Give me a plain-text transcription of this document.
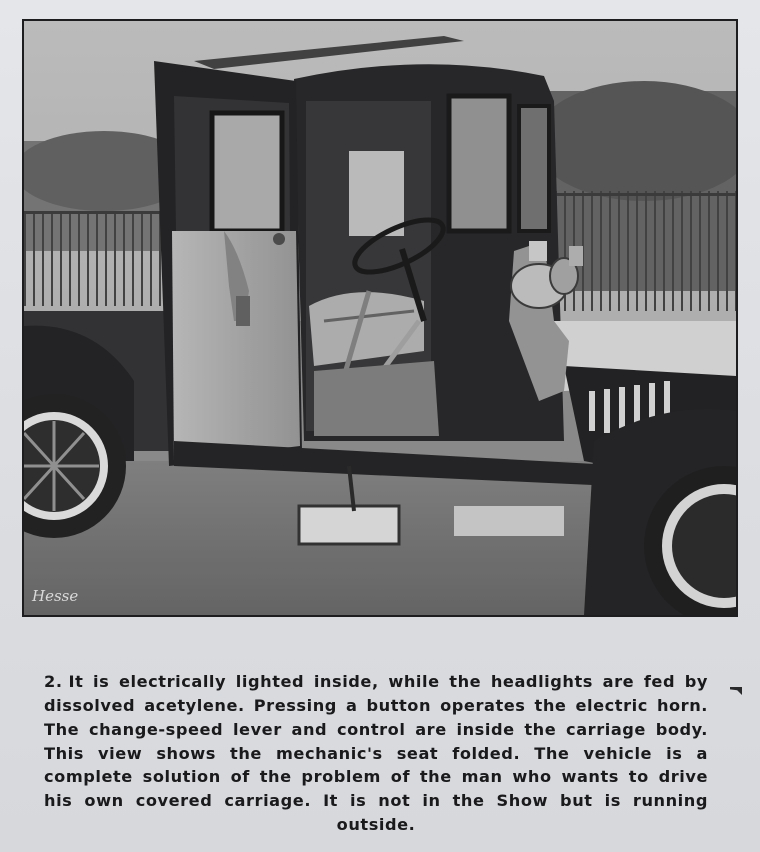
Hesse

2. It is electrically lighted inside, while the headlights are fed by dissolved acetylene. Pressing a button operates the electric horn. The change-speed lever and control are inside the carriage body. This view shows the mechanic's seat folded. The vehicle is a complete solution of the problem of the man who wants to drive his own covered carriage. It is not in the Show but is running outside.
